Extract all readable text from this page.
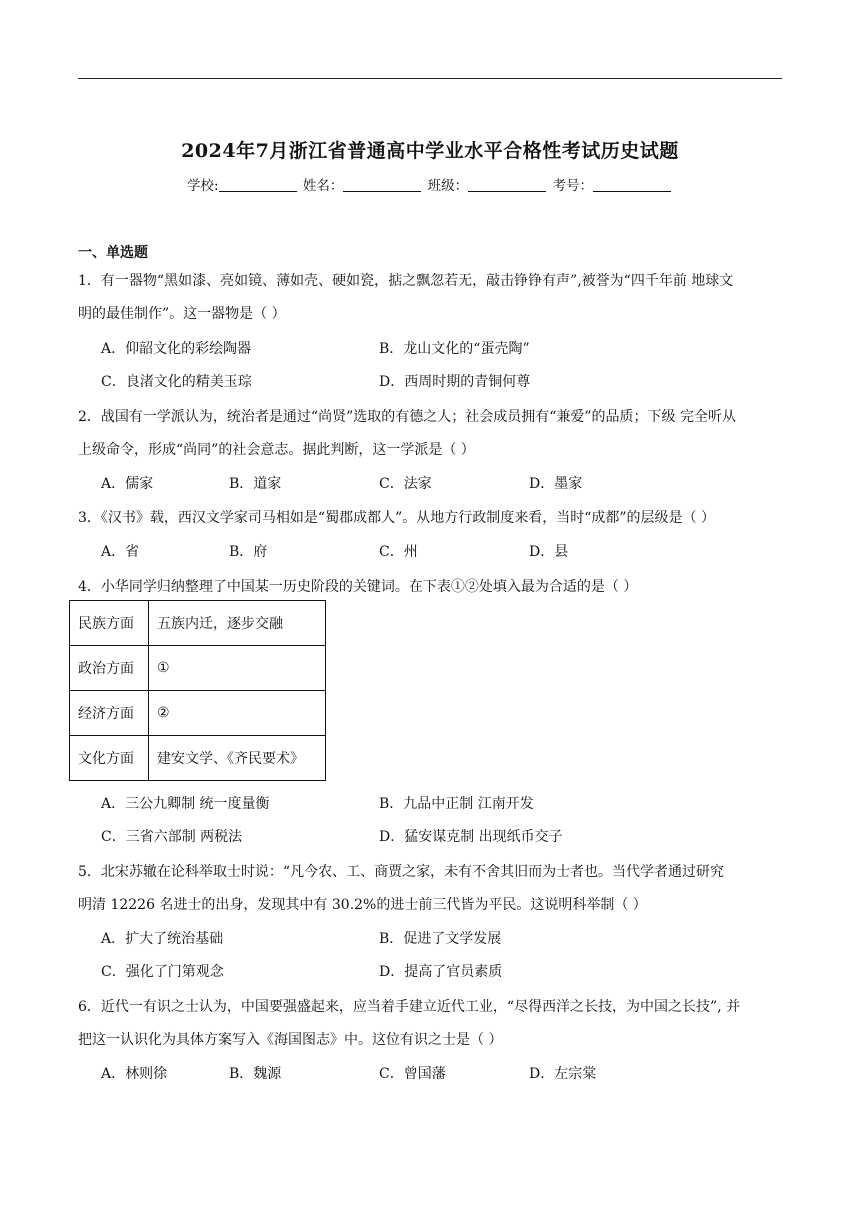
2024年7月浙江省普通高中学业水平合格性考试历史试题
学校:	姓名：	班级：	考号：
一、单选题
1．有一器物“黑如漆、亮如镜、薄如壳、硬如瓷，掂之飘忽若无，敲击铮铮有声”,被誉为“四千年前 地球文
明的最佳制作”。这一器物是（ ）
A．仰韶文化的彩绘陶器	B．龙山文化的“蛋壳陶”
C．良渚文化的精美玉琮	D．西周时期的青铜何尊
2．战国有一学派认为，统治者是通过“尚贤”选取的有德之人；社会成员拥有“兼爱”的品质；下级 完全听从
上级命令，形成“尚同”的社会意志。据此判断，这一学派是（ ）
A．儒家	B．道家	C．法家	D．墨家
3．《汉书》载，西汉文学家司马相如是“蜀郡成都人”。从地方行政制度来看，当时“成都”的层级是（ ）
A．省	B．府	C．州	D．县
4．小华同学归纳整理了中国某一历史阶段的关键词。在下表①②处填入最为合适的是（ ）
民族方面	五族内迁，逐步交融
政治方面	①
经济方面	②
文化方面	建安文学、《齐民要术》
A．三公九卿制 统一度量衡	B．九品中正制 江南开发
C．三省六部制 两税法	D．猛安谋克制 出现纸币交子
5．北宋苏辙在论科举取士时说：“凡今农、工、商贾之家，未有不舍其旧而为士者也。当代学者通过研究
明清 12226 名进士的出身，发现其中有 30.2%的进士前三代皆为平民。这说明科举制（ ）
A．扩大了统治基础	B．促进了文学发展
C．强化了门第观念	D．提高了官员素质
6．近代一有识之士认为，中国要强盛起来，应当着手建立近代工业，“尽得西洋之长技，为中国之长技”, 并
把这一认识化为具体方案写入《海国图志》中。这位有识之士是（ ）
A．林则徐	B．魏源	C．曾国藩	D．左宗棠
